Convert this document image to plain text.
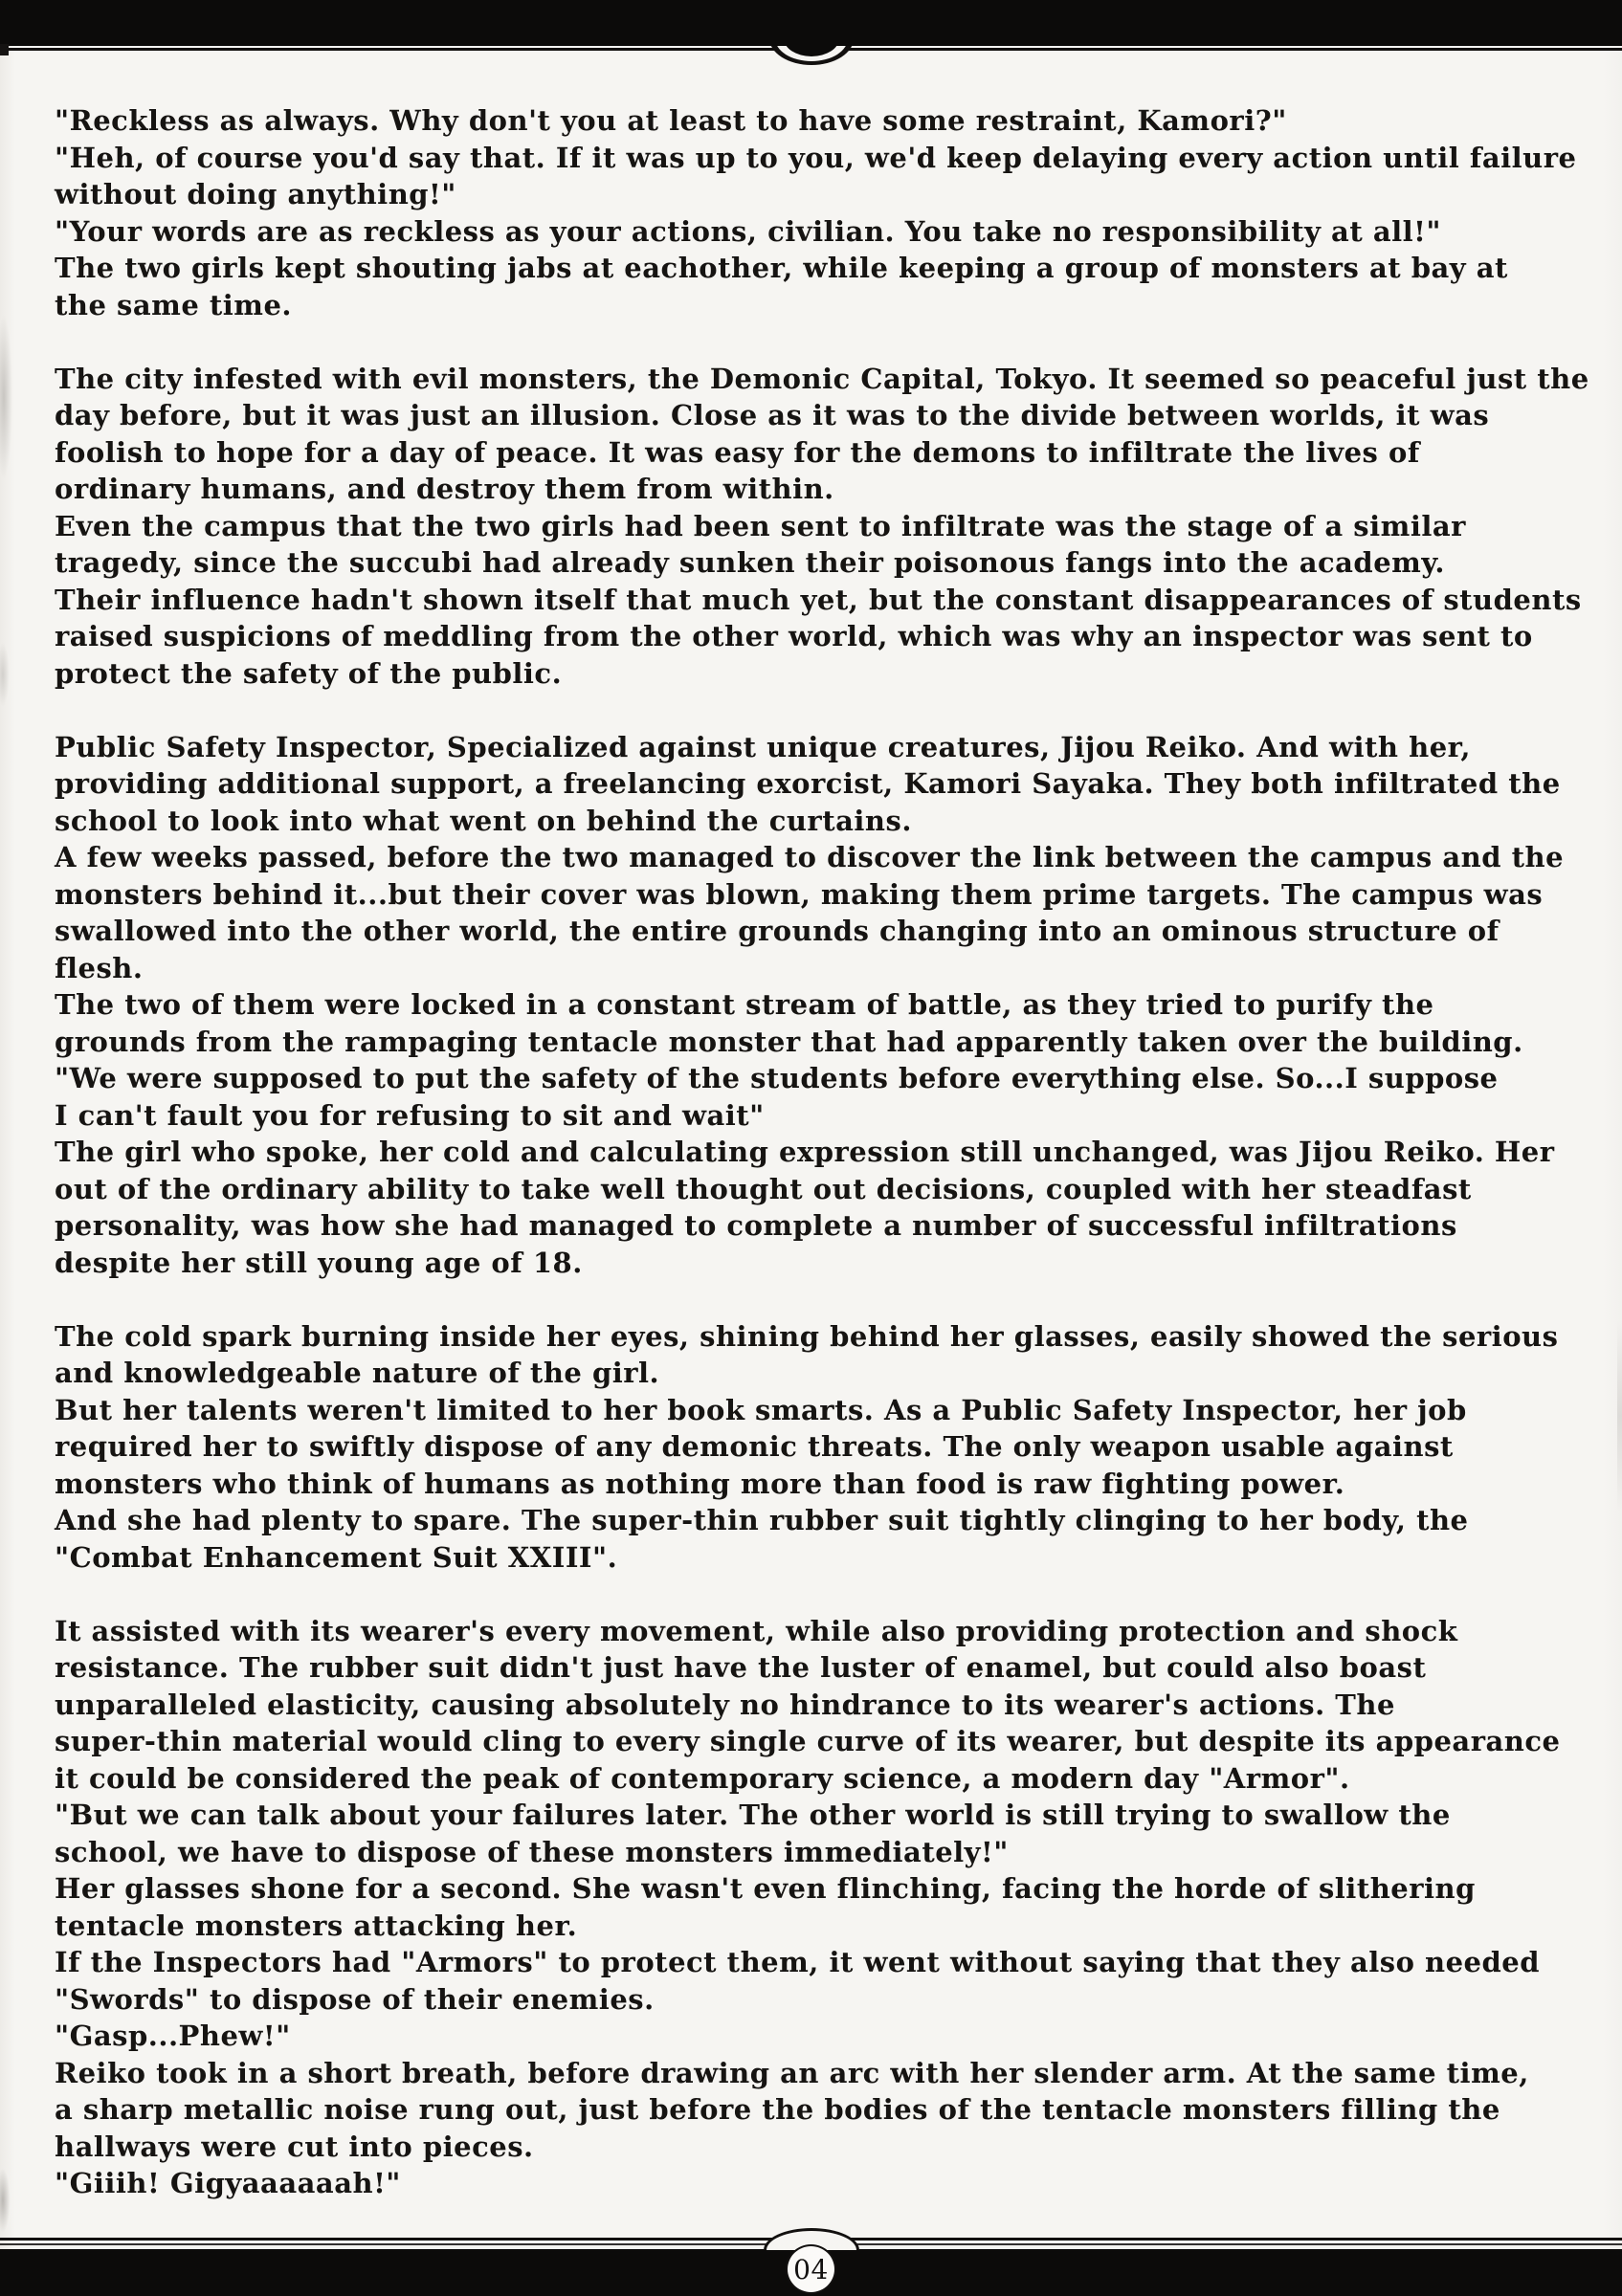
"Reckless as always. Why don't you at least to have some restraint, Kamori?"
"Heh, of course you'd say that. If it was up to you, we'd keep delaying every action until failure
without doing anything!"
"Your words are as reckless as your actions, civilian. You take no responsibility at all!"
The two girls kept shouting jabs at eachother, while keeping a group of monsters at bay at
the same time.
The city infested with evil monsters, the Demonic Capital, Tokyo. It seemed so peaceful just the
day before, but it was just an illusion. Close as it was to the divide between worlds, it was
foolish to hope for a day of peace. It was easy for the demons to infiltrate the lives of
ordinary humans, and destroy them from within.
Even the campus that the two girls had been sent to infiltrate was the stage of a similar
tragedy, since the succubi had already sunken their poisonous fangs into the academy.
Their influence hadn't shown itself that much yet, but the constant disappearances of students
raised suspicions of meddling from the other world, which was why an inspector was sent to
protect the safety of the public.
Public Safety Inspector, Specialized against unique creatures, Jijou Reiko. And with her,
providing additional support, a freelancing exorcist, Kamori Sayaka. They both infiltrated the
school to look into what went on behind the curtains.
A few weeks passed, before the two managed to discover the link between the campus and the
monsters behind it...but their cover was blown, making them prime targets. The campus was
swallowed into the other world, the entire grounds changing into an ominous structure of
flesh.
The two of them were locked in a constant stream of battle, as they tried to purify the
grounds from the rampaging tentacle monster that had apparently taken over the building.
"We were supposed to put the safety of the students before everything else. So...I suppose
I can't fault you for refusing to sit and wait"
The girl who spoke, her cold and calculating expression still unchanged, was Jijou Reiko. Her
out of the ordinary ability to take well thought out decisions, coupled with her steadfast
personality, was how she had managed to complete a number of successful infiltrations
despite her still young age of 18.
The cold spark burning inside her eyes, shining behind her glasses, easily showed the serious
and knowledgeable nature of the girl.
But her talents weren't limited to her book smarts. As a Public Safety Inspector, her job
required her to swiftly dispose of any demonic threats. The only weapon usable against
monsters who think of humans as nothing more than food is raw fighting power.
And she had plenty to spare. The super-thin rubber suit tightly clinging to her body, the
"Combat Enhancement Suit XXIII".
It assisted with its wearer's every movement, while also providing protection and shock
resistance. The rubber suit didn't just have the luster of enamel, but could also boast
unparalleled elasticity, causing absolutely no hindrance to its wearer's actions. The
super-thin material would cling to every single curve of its wearer, but despite its appearance
it could be considered the peak of contemporary science, a modern day "Armor".
"But we can talk about your failures later. The other world is still trying to swallow the
school, we have to dispose of these monsters immediately!"
Her glasses shone for a second. She wasn't even flinching, facing the horde of slithering
tentacle monsters attacking her.
If the Inspectors had "Armors" to protect them, it went without saying that they also needed
"Swords" to dispose of their enemies.
"Gasp...Phew!"
Reiko took in a short breath, before drawing an arc with her slender arm. At the same time,
a sharp metallic noise rung out, just before the bodies of the tentacle monsters filling the
hallways were cut into pieces.
"Giiih! Gigyaaaaaah!"
04
